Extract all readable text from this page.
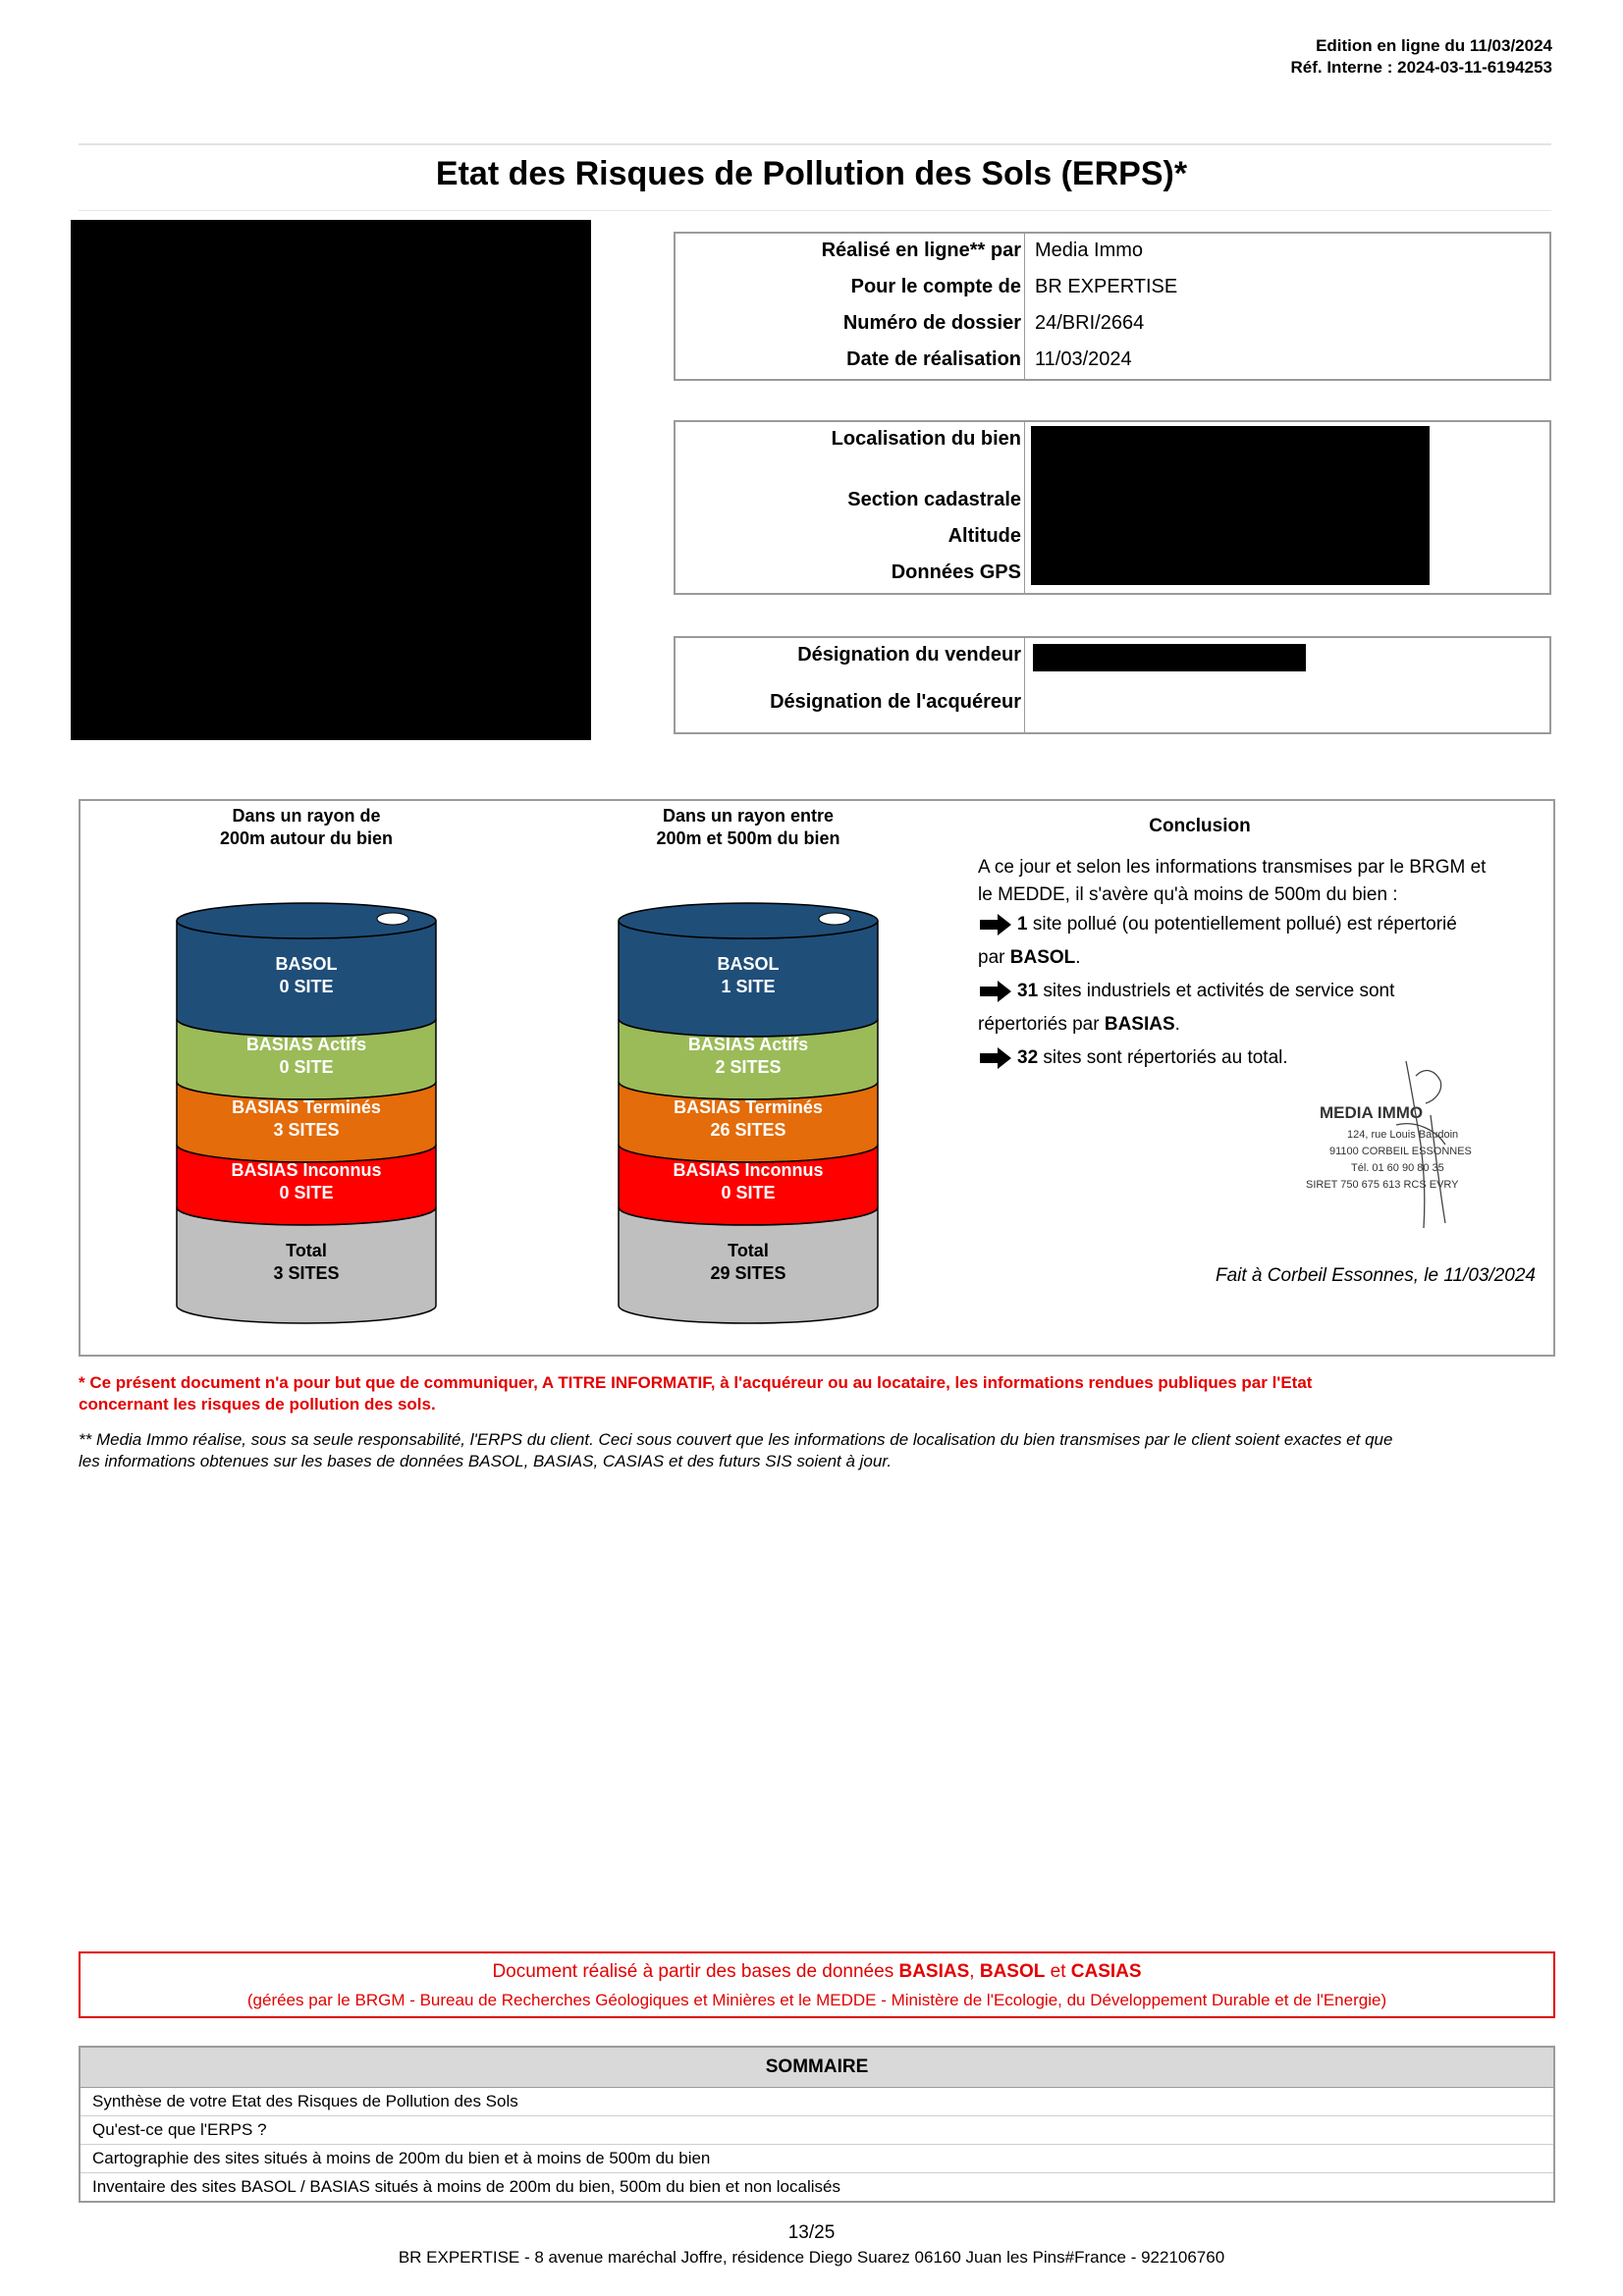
Edition en ligne du 11/03/2024
Réf. Interne : 2024-03-11-6194253
Etat des Risques de Pollution des Sols (ERPS)*
Réalisé en ligne** par Media Immo
Pour le compte de BR EXPERTISE
Numéro de dossier 24/BRI/2664
Date de réalisation 11/03/2024
Localisation du bien
Section cadastrale
Altitude
Données GPS
Désignation du vendeur
Désignation de l'acquéreur
Dans un rayon de
200m autour du bien
Dans un rayon entre
200m et 500m du bien
BASOL
0 SITE
BASIAS Actifs
0 SITE
BASIAS Terminés
3 SITES
BASIAS Inconnus
0 SITE
Total
3 SITES
BASOL
1 SITE
BASIAS Actifs
2 SITES
BASIAS Terminés
26 SITES
BASIAS Inconnus
0 SITE
Total
29 SITES
Conclusion
A ce jour et selon les informations transmises par le BRGM et
le MEDDE, il s'avère qu'à moins de 500m du bien :
1 site pollué (ou potentiellement pollué) est répertorié
par BASOL.
31 sites industriels et activités de service sont
répertoriés par BASIAS.
32 sites sont répertoriés au total.
MEDIA IMMO
124, rue Louis Baudoin
91100 CORBEIL ESSONNES
Tél. 01 60 90 80 35
SIRET 750 675 613 RCS EVRY
Fait à Corbeil Essonnes, le 11/03/2024
* Ce présent document n'a pour but que de communiquer, A TITRE INFORMATIF, à l'acquéreur ou au locataire, les informations rendues publiques par l'Etat
concernant les risques de pollution des sols.
** Media Immo réalise, sous sa seule responsabilité, l'ERPS du client. Ceci sous couvert que les informations de localisation du bien transmises par le client soient exactes et que
les informations obtenues sur les bases de données BASOL, BASIAS, CASIAS et des futurs SIS soient à jour.
Document réalisé à partir des bases de données BASIAS, BASOL et CASIAS
(gérées par le BRGM - Bureau de Recherches Géologiques et Minières et le MEDDE - Ministère de l'Ecologie, du Développement Durable et de l'Energie)
SOMMAIRE
Synthèse de votre Etat des Risques de Pollution des Sols
Qu'est-ce que l'ERPS ?
Cartographie des sites situés à moins de 200m du bien et à moins de 500m du bien
Inventaire des sites BASOL / BASIAS situés à moins de 200m du bien, 500m du bien et non localisés
13/25
BR EXPERTISE - 8 avenue maréchal Joffre, résidence Diego Suarez 06160 Juan les Pins#France - 922106760
